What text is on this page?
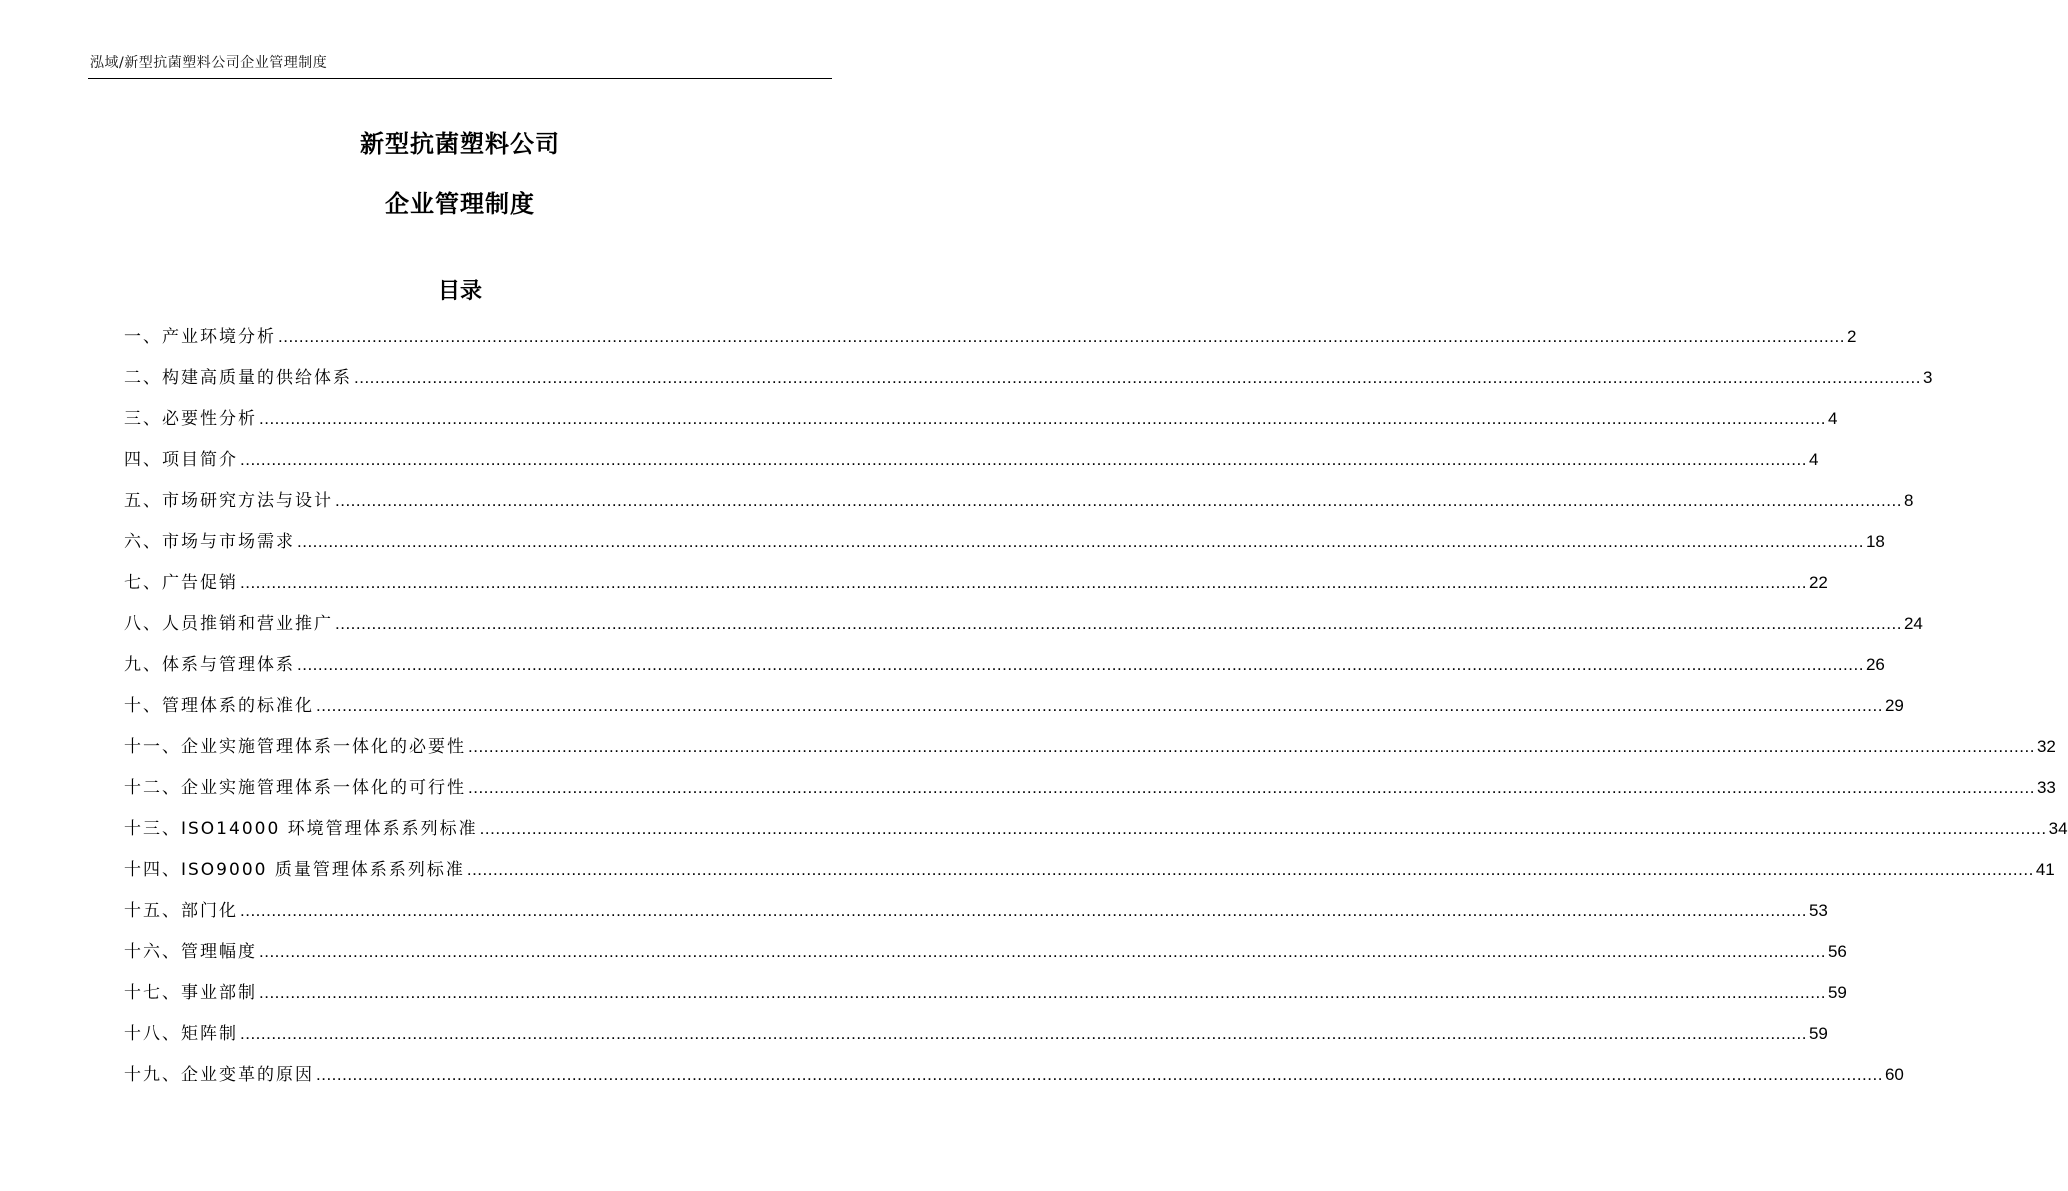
泓域/新型抗菌塑料公司企业管理制度
新型抗菌塑料公司
企业管理制度
目录
一、 产业环境分析 ............................................................................................................................................................................................................................................................................................................ 2
二、 构建高质量的供给体系 ............................................................................................................................................................................................................................................................................................................ 3
三、 必要性分析 ............................................................................................................................................................................................................................................................................................................ 4
四、 项目简介 ............................................................................................................................................................................................................................................................................................................ 4
五、 市场研究方法与设计 ............................................................................................................................................................................................................................................................................................................ 8
六、 市场与市场需求 ............................................................................................................................................................................................................................................................................................................ 18
七、 广告促销 ............................................................................................................................................................................................................................................................................................................ 22
八、 人员推销和营业推广 ............................................................................................................................................................................................................................................................................................................ 24
九、 体系与管理体系 ............................................................................................................................................................................................................................................................................................................ 26
十、 管理体系的标准化 ............................................................................................................................................................................................................................................................................................................ 29
十一、 企业实施管理体系一体化的必要性 ............................................................................................................................................................................................................................................................................................................ 32
十二、 企业实施管理体系一体化的可行性 ............................................................................................................................................................................................................................................................................................................ 33
十三、 ISO14000 环境管理体系系列标准 ............................................................................................................................................................................................................................................................................................................ 34
十四、 ISO9000 质量管理体系系列标准 ............................................................................................................................................................................................................................................................................................................ 41
十五、 部门化 ............................................................................................................................................................................................................................................................................................................ 53
十六、 管理幅度 ............................................................................................................................................................................................................................................................................................................ 56
十七、 事业部制 ............................................................................................................................................................................................................................................................................................................ 59
十八、 矩阵制 ............................................................................................................................................................................................................................................................................................................ 59
十九、 企业变革的原因 ............................................................................................................................................................................................................................................................................................................ 60
